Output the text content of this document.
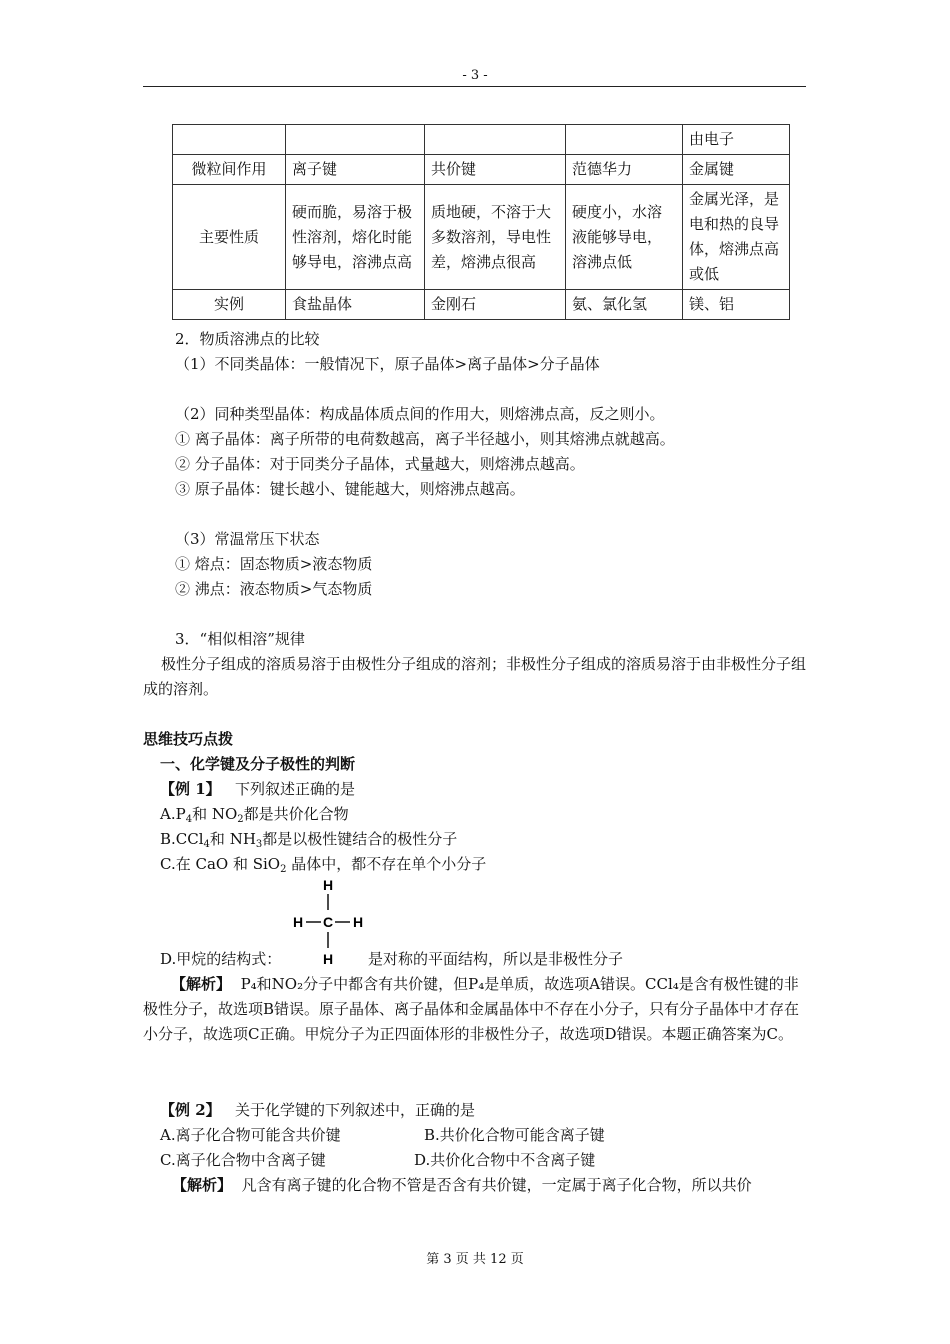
- 3 -
				由电子
微粒间作用	离子键	共价键	范德华力	金属键
主要性质	硬而脆，易溶于极性溶剂，熔化时能够导电，溶沸点高	质地硬，不溶于大多数溶剂，导电性差，熔沸点很高	硬度小，水溶液能够导电，溶沸点低	金属光泽，是电和热的良导体，熔沸点高或低
实例	食盐晶体	金刚石	氨、氯化氢	镁、铝
2．物质溶沸点的比较
（1）不同类晶体：一般情况下，原子晶体>离子晶体>分子晶体
（2）同种类型晶体：构成晶体质点间的作用大，则熔沸点高，反之则小。
① 离子晶体：离子所带的电荷数越高，离子半径越小，则其熔沸点就越高。
② 分子晶体：对于同类分子晶体，式量越大，则熔沸点越高。
③ 原子晶体：键长越小、键能越大，则熔沸点越高。
（3）常温常压下状态
① 熔点：固态物质>液态物质
② 沸点：液态物质>气态物质
3．“相似相溶”规律
极性分子组成的溶质易溶于由极性分子组成的溶剂；非极性分子组成的溶质易溶于由非极性分子组成的溶剂。
思维技巧点拨
一、化学键及分子极性的判断
【例 1】 下列叙述正确的是
$A.P_4$和 $NO_2$都是共价化合物
B.CCl$_4$和 $NH_3$都是以极性键结合的极性分子
C.在 CaO 和 SiO$_2$ 晶体中，都不存在单个小分子
H
H C H
H
D.甲烷的结构式：	是对称的平面结构，所以是非极性分子
【解析】 P₄和NO₂分子中都含有共价键，但P₄是单质，故选项A错误。CCl₄是含有极性键的非极性分子，故选项B错误。原子晶体、离子晶体和金属晶体中不存在小分子，只有分子晶体中才存在小分子，故选项C正确。甲烷分子为正四面体形的非极性分子，故选项D错误。本题正确答案为C。
【例 2】 关于化学键的下列叙述中，正确的是
A.离子化合物可能含共价键	B.共价化合物可能含离子键
C.离子化合物中含离子键	D.共价化合物中不含离子键
【解析】 凡含有离子键的化合物不管是否含有共价键，一定属于离子化合物，所以共价
第 3 页 共 12 页
